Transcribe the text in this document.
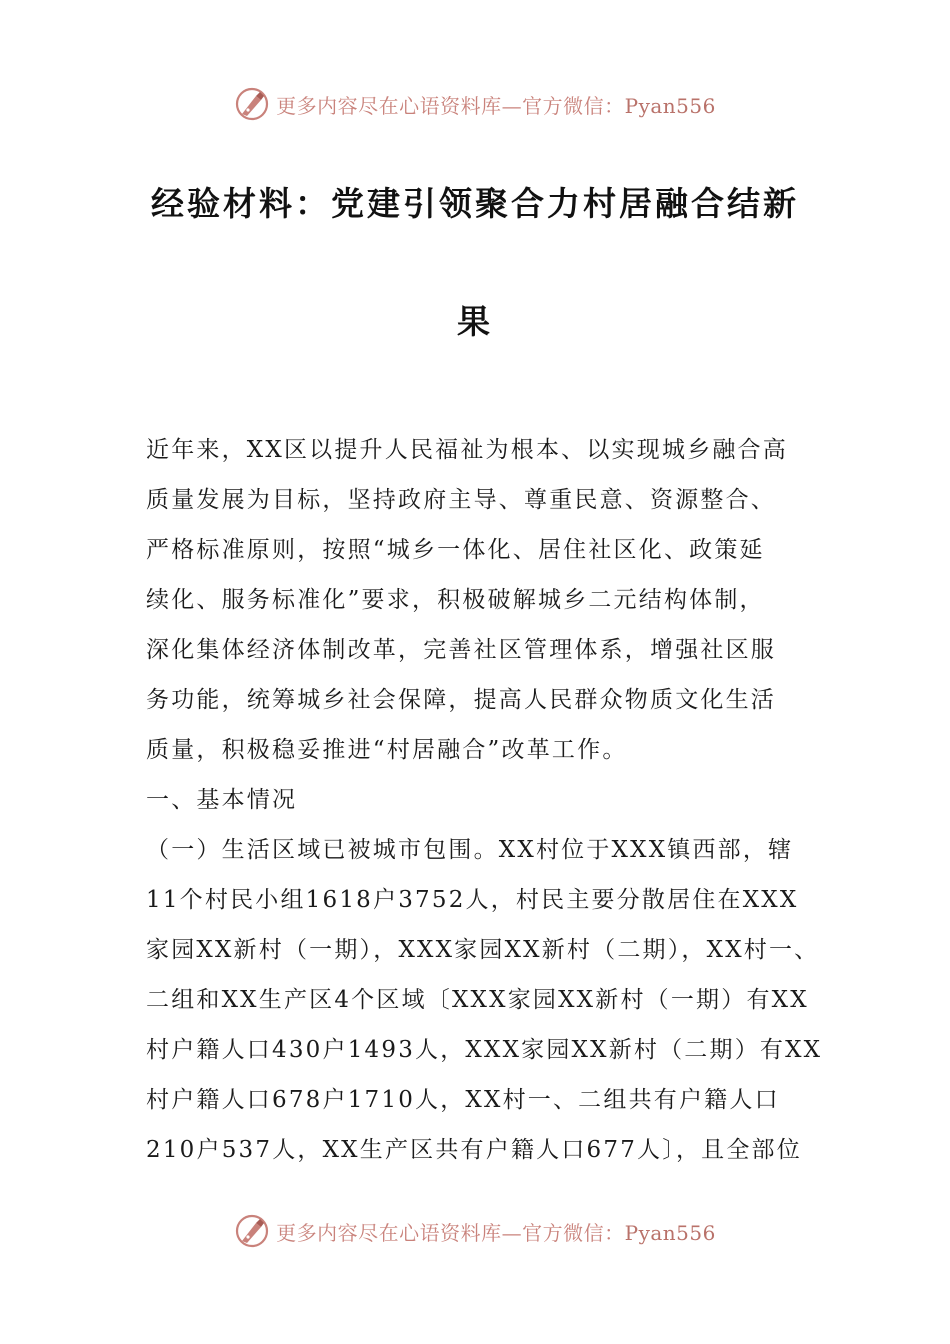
更多内容尽在心语资料库—官方微信：Pyan556
经验材料：党建引领聚合力村居融合结新
果
近年来，XX区以提升人民福祉为根本、以实现城乡融合高
质量发展为目标，坚持政府主导、尊重民意、资源整合、
严格标准原则，按照“城乡一体化、居住社区化、政策延
续化、服务标准化”要求，积极破解城乡二元结构体制，
深化集体经济体制改革，完善社区管理体系，增强社区服
务功能，统筹城乡社会保障，提高人民群众物质文化生活
质量，积极稳妥推进“村居融合”改革工作。
一、基本情况
（一）生活区域已被城市包围。XX村位于XXX镇西部，辖
11个村民小组1618户3752人，村民主要分散居住在XXX
家园XX新村（一期），XXX家园XX新村（二期），XX村一、
二组和XX生产区4个区域〔XXX家园XX新村（一期）有XX
村户籍人口430户1493人，XXX家园XX新村（二期）有XX
村户籍人口678户1710人，XX村一、二组共有户籍人口
210户537人，XX生产区共有户籍人口677人〕，且全部位
更多内容尽在心语资料库—官方微信：Pyan556
